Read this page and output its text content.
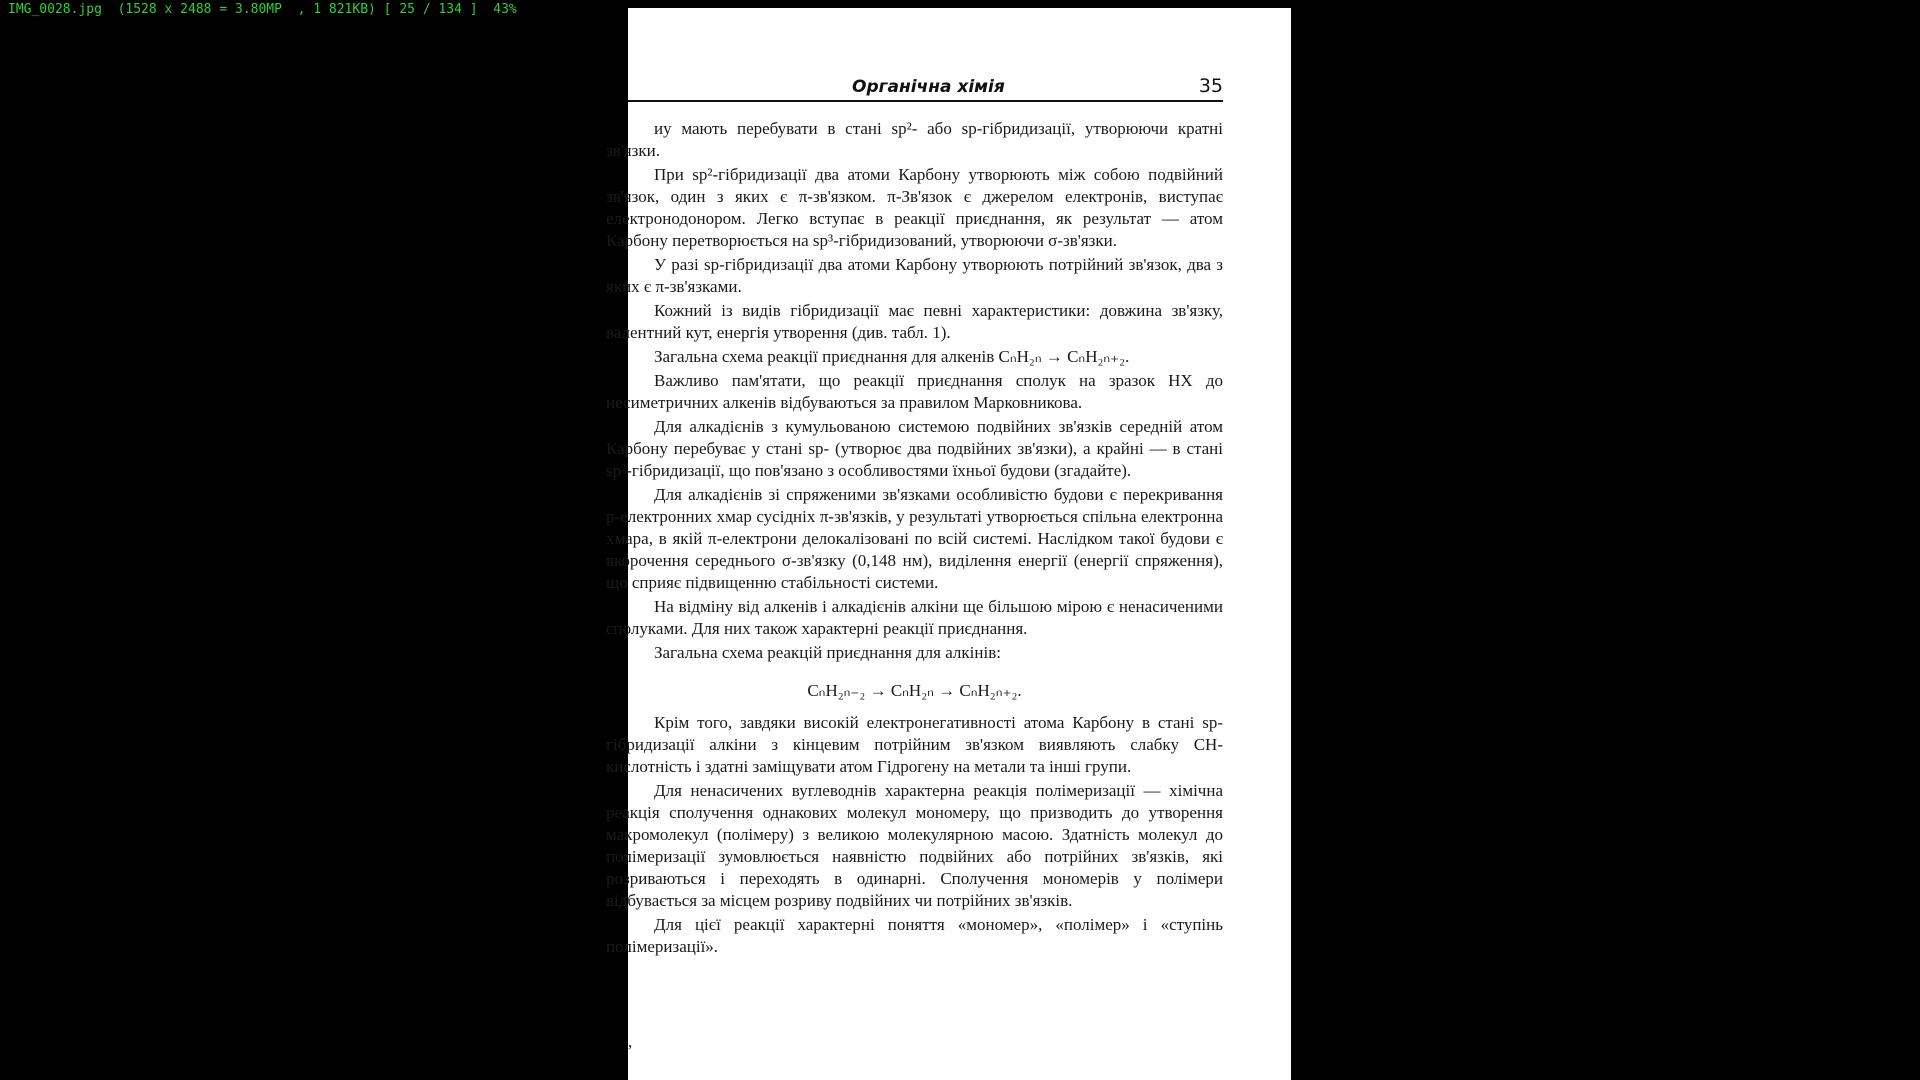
IMG_0028.jpg  (1528 x 2488 = 3.80MP  , 1 821KB) [ 25 / 134 ]  43%
Органічна хімія	35

иу мають перебувати в стані sp²- або sp-гібридизації, утворюючи кратні зв'язки.

При sp²-гібридизації два атоми Карбону утворюють між собою подвійний зв'язок, один з яких є π-зв'язком. π-Зв'язок є джерелом електронів, виступає електронодонором. Легко вступає в реакції приєднання, як результат — атом Карбону перетворюється на sp³-гібридизований, утворюючи σ-зв'язки.

У разі sp-гібридизації два атоми Карбону утворюють потрійний зв'язок, два з яких є π-зв'язками.

Кожний із видів гібридизації має певні характеристики: довжина зв'язку, валентний кут, енергія утворення (див. табл. 1).

Загальна схема реакції приєднання для алкенів CₙH₂ₙ → CₙH₂ₙ₊₂.

Важливо пам'ятати, що реакції приєднання сполук на зразок HX до несиметричних алкенів відбуваються за правилом Марковникова.

Для алкадієнів з кумульованою системою подвійних зв'язків середній атом Карбону перебуває у стані sp- (утворює два подвійних зв'язки), а крайні — в стані sp²-гібридизації, що пов'язано з особливостями їхньої будови (згадайте).

Для алкадієнів зі спряженими зв'язками особливістю будови є перекривання p-електронних хмар сусідніх π-зв'язків, у результаті утворюється спільна електронна хмара, в якій π-електрони делокалізовані по всій системі. Наслідком такої будови є вкорочення середнього σ-зв'язку (0,148 нм), виділення енергії (енергії спряження), що сприяє підвищенню стабільності системи.

На відміну від алкенів і алкадієнів алкіни ще більшою мірою є ненасиченими сполуками. Для них також характерні реакції приєднання.

Загальна схема реакцій приєднання для алкінів:

CₙH₂ₙ₋₂ → CₙH₂ₙ → CₙH₂ₙ₊₂.

Крім того, завдяки високій електронегативності атома Карбону в стані sp-гібридизації алкіни з кінцевим потрійним зв'язком виявляють слабку CH-кислотність і здатні заміщувати атом Гідрогену на метали та інші групи.

Для ненасичених вуглеводнів характерна реакція полімеризації — хімічна реакція сполучення однакових молекул мономеру, що призводить до утворення макромолекул (полімеру) з великою молекулярною масою. Здатність молекул до полімеризації зумовлюється наявністю подвійних або потрійних зв'язків, які розриваються і переходять в одинарні. Сполучення мономерів у полімери відбувається за місцем розриву подвійних чи потрійних зв'язків.

Для цієї реакції характерні поняття «мономер», «полімер» і «ступінь полімеризації».

,
